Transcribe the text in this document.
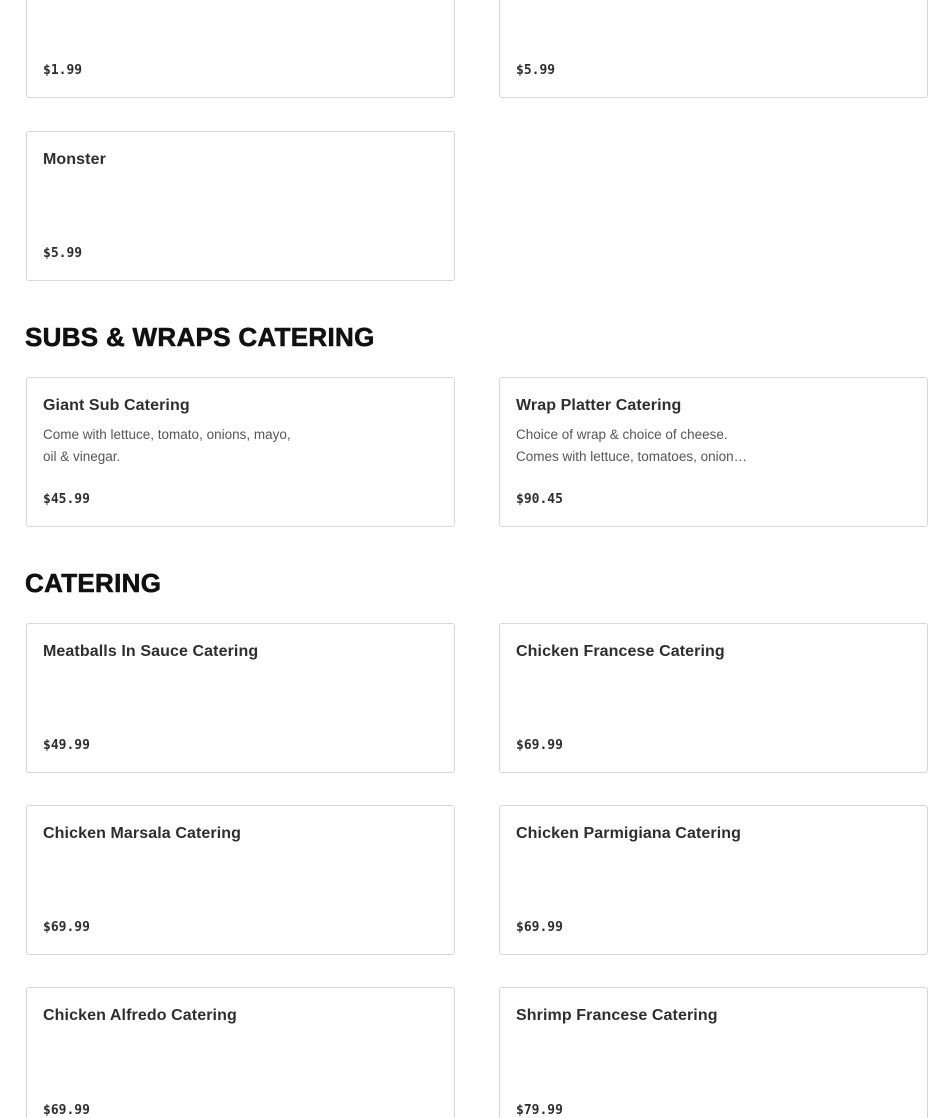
$1.99	$5.99
Monster
$5.99
SUBS & WRAPS CATERING
Giant Sub Catering
Come with lettuce, tomato, onions, mayo, oil & vinegar.
$45.99
Wrap Platter Catering
Choice of wrap & choice of cheese. Comes with lettuce, tomatoes, onion…
$90.45
CATERING
Meatballs In Sauce Catering
$49.99
Chicken Francese Catering
$69.99
Chicken Marsala Catering
$69.99
Chicken Parmigiana Catering
$69.99
Chicken Alfredo Catering
$69.99
Shrimp Francese Catering
$79.99
